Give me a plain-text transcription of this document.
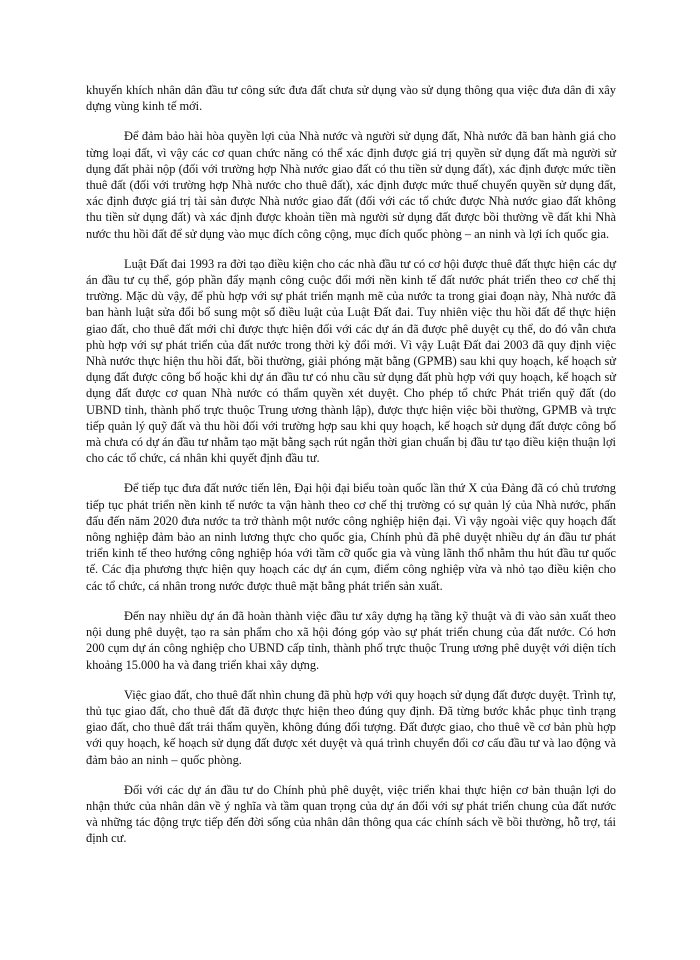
khuyến khích nhân dân đầu tư công sức đưa đất chưa sử dụng vào sử dụng thông qua việc đưa dân đi xây dựng vùng kinh tế mới.

Để đảm bảo hài hòa quyền lợi của Nhà nước và người sử dụng đất, Nhà nước đã ban hành giá cho từng loại đất, vì vậy các cơ quan chức năng có thể xác định được giá trị quyền sử dụng đất mà người sử dụng đất phải nộp (đối với trường hợp Nhà nước giao đất có thu tiền sử dụng đất), xác định được mức tiền thuê đất (đối với trường hợp Nhà nước cho thuê đất), xác định được mức thuế chuyển quyền sử dụng đất, xác định được giá trị tài sản được Nhà nước giao đất (đối với các tổ chức được Nhà nước giao đất không thu tiền sử dụng đất) và xác định được khoản tiền mà người sử dụng đất được bồi thường về đất khi Nhà nước thu hồi đất để sử dụng vào mục đích công cộng, mục đích quốc phòng – an ninh và lợi ích quốc gia.

Luật Đất đai 1993 ra đời tạo điều kiện cho các nhà đầu tư có cơ hội được thuê đất thực hiện các dự án đầu tư cụ thể, góp phần đẩy mạnh công cuộc đổi mới nền kinh tế đất nước phát triển theo cơ chế thị trường. Mặc dù vậy, để phù hợp với sự phát triển mạnh mẽ của nước ta trong giai đoạn này, Nhà nước đã ban hành luật sửa đổi bổ sung một số điều luật của Luật Đất đai. Tuy nhiên việc thu hồi đất để thực hiện giao đất, cho thuê đất mới chỉ được thực hiện đối với các dự án đã được phê duyệt cụ thể, do đó vẫn chưa phù hợp với sự phát triển của đất nước trong thời kỳ đổi mới. Vì vậy Luật Đất đai 2003 đã quy định việc Nhà nước thực hiện thu hồi đất, bồi thường, giải phóng mặt bằng (GPMB) sau khi quy hoạch, kế hoạch sử dụng đất được công bố hoặc khi dự án đầu tư có nhu cầu sử dụng đất phù hợp với quy hoạch, kế hoạch sử dụng đất được cơ quan Nhà nước có thẩm quyền xét duyệt. Cho phép tổ chức Phát triển quỹ đất (do UBND tỉnh, thành phố trực thuộc Trung ương thành lập), được thực hiện việc bồi thường, GPMB và trực tiếp quản lý quỹ đất và thu hồi đối với trường hợp sau khi quy hoạch, kế hoạch sử dụng đất được công bố mà chưa có dự án đầu tư nhằm tạo mặt bằng sạch rút ngắn thời gian chuẩn bị đầu tư tạo điều kiện thuận lợi cho các tổ chức, cá nhân khi quyết định đầu tư.

Để tiếp tục đưa đất nước tiến lên, Đại hội đại biểu toàn quốc lần thứ X của Đảng đã có chủ trương tiếp tục phát triển nền kinh tế nước ta vận hành theo cơ chế thị trường có sự quản lý của Nhà nước, phấn đấu đến năm 2020 đưa nước ta trở thành một nước công nghiệp hiện đại. Vì vậy ngoài việc quy hoạch đất nông nghiệp đảm bảo an ninh lương thực cho quốc gia, Chính phủ đã phê duyệt nhiều dự án đầu tư phát triển kinh tế theo hướng công nghiệp hóa với tầm cỡ quốc gia và vùng lãnh thổ nhằm thu hút đầu tư quốc tế. Các địa phương thực hiện quy hoạch các dự án cụm, điểm công nghiệp vừa và nhỏ tạo điều kiện cho các tổ chức, cá nhân trong nước được thuê mặt bằng phát triển sản xuất.

Đến nay nhiều dự án đã hoàn thành việc đầu tư xây dựng hạ tầng kỹ thuật và đi vào sản xuất theo nội dung phê duyệt, tạo ra sản phẩm cho xã hội đóng góp vào sự phát triển chung của đất nước. Có hơn 200 cụm dự án công nghiệp cho UBND cấp tỉnh, thành phố trực thuộc Trung ương phê duyệt với diện tích khoảng 15.000 ha và đang triển khai xây dựng.

Việc giao đất, cho thuê đất nhìn chung đã phù hợp với quy hoạch sử dụng đất được duyệt. Trình tự, thủ tục giao đất, cho thuê đất đã được thực hiện theo đúng quy định. Đã từng bước khắc phục tình trạng giao đất, cho thuê đất trái thẩm quyền, không đúng đối tượng. Đất được giao, cho thuê về cơ bản phù hợp với quy hoạch, kế hoạch sử dụng đất được xét duyệt và quá trình chuyển đổi cơ cấu đầu tư và lao động và đảm bảo an ninh – quốc phòng.

Đối với các dự án đầu tư do Chính phủ phê duyệt, việc triển khai thực hiện cơ bản thuận lợi do nhận thức của nhân dân về ý nghĩa và tầm quan trọng của dự án đối với sự phát triển chung của đất nước và những tác động trực tiếp đến đời sống của nhân dân thông qua các chính sách về bồi thường, hỗ trợ, tái định cư.
